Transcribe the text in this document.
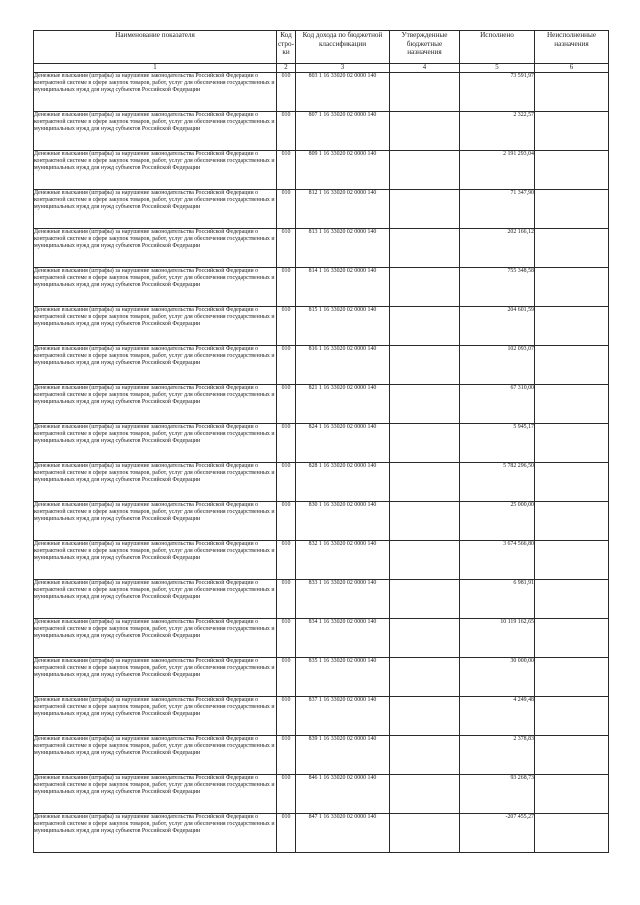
Наименование показателя	Код стро- ки	Код дохода по бюджетной классификации	Утвержденные бюджетные назначения	Исполнено	Неисполненные назначения
1	2	3	4	5	6
Денежные взыскания (штрафы) за нарушение законодательства Российской Федерации о контрактной системе в сфере закупок товаров, работ, услуг для обеспечения государственных и муниципальных нужд для нужд субъектов Российской Федерации	010	803 1 16 33020 02 0000 140		73 591,97	
Денежные взыскания (штрафы) за нарушение законодательства Российской Федерации о контрактной системе в сфере закупок товаров, работ, услуг для обеспечения государственных и муниципальных нужд для нужд субъектов Российской Федерации	010	807 1 16 33020 02 0000 140		2 322,57	
Денежные взыскания (штрафы) за нарушение законодательства Российской Федерации о контрактной системе в сфере закупок товаров, работ, услуг для обеспечения государственных и муниципальных нужд для нужд субъектов Российской Федерации	010	809 1 16 33020 02 0000 140		2 191 293,04	
Денежные взыскания (штрафы) за нарушение законодательства Российской Федерации о контрактной системе в сфере закупок товаров, работ, услуг для обеспечения государственных и муниципальных нужд для нужд субъектов Российской Федерации	010	812 1 16 33020 02 0000 140		71 347,90	
Денежные взыскания (штрафы) за нарушение законодательства Российской Федерации о контрактной системе в сфере закупок товаров, работ, услуг для обеспечения государственных и муниципальных нужд для нужд субъектов Российской Федерации	010	813 1 16 33020 02 0000 140		202 166,12	
Денежные взыскания (штрафы) за нарушение законодательства Российской Федерации о контрактной системе в сфере закупок товаров, работ, услуг для обеспечения государственных и муниципальных нужд для нужд субъектов Российской Федерации	010	814 1 16 33020 02 0000 140		755 348,58	
Денежные взыскания (штрафы) за нарушение законодательства Российской Федерации о контрактной системе в сфере закупок товаров, работ, услуг для обеспечения государственных и муниципальных нужд для нужд субъектов Российской Федерации	010	815 1 16 33020 02 0000 140		204 601,59	
Денежные взыскания (штрафы) за нарушение законодательства Российской Федерации о контрактной системе в сфере закупок товаров, работ, услуг для обеспечения государственных и муниципальных нужд для нужд субъектов Российской Федерации	010	816 1 16 33020 02 0000 140		102 093,07	
Денежные взыскания (штрафы) за нарушение законодательства Российской Федерации о контрактной системе в сфере закупок товаров, работ, услуг для обеспечения государственных и муниципальных нужд для нужд субъектов Российской Федерации	010	821 1 16 33020 02 0000 140		67 310,00	
Денежные взыскания (штрафы) за нарушение законодательства Российской Федерации о контрактной системе в сфере закупок товаров, работ, услуг для обеспечения государственных и муниципальных нужд для нужд субъектов Российской Федерации	010	824 1 16 33020 02 0000 140		5 945,17	
Денежные взыскания (штрафы) за нарушение законодательства Российской Федерации о контрактной системе в сфере закупок товаров, работ, услуг для обеспечения государственных и муниципальных нужд для нужд субъектов Российской Федерации	010	828 1 16 33020 02 0000 140		5 782 296,50	
Денежные взыскания (штрафы) за нарушение законодательства Российской Федерации о контрактной системе в сфере закупок товаров, работ, услуг для обеспечения государственных и муниципальных нужд для нужд субъектов Российской Федерации	010	830 1 16 33020 02 0000 140		25 000,00	
Денежные взыскания (штрафы) за нарушение законодательства Российской Федерации о контрактной системе в сфере закупок товаров, работ, услуг для обеспечения государственных и муниципальных нужд для нужд субъектов Российской Федерации	010	832 1 16 33020 02 0000 140		3 674 566,80	
Денежные взыскания (штрафы) за нарушение законодательства Российской Федерации о контрактной системе в сфере закупок товаров, работ, услуг для обеспечения государственных и муниципальных нужд для нужд субъектов Российской Федерации	010	833 1 16 33020 02 0000 140		6 981,91	
Денежные взыскания (штрафы) за нарушение законодательства Российской Федерации о контрактной системе в сфере закупок товаров, работ, услуг для обеспечения государственных и муниципальных нужд для нужд субъектов Российской Федерации	010	834 1 16 33020 02 0000 140		10 119 162,65	
Денежные взыскания (штрафы) за нарушение законодательства Российской Федерации о контрактной системе в сфере закупок товаров, работ, услуг для обеспечения государственных и муниципальных нужд для нужд субъектов Российской Федерации	010	835 1 16 33020 02 0000 140		30 000,00	
Денежные взыскания (штрафы) за нарушение законодательства Российской Федерации о контрактной системе в сфере закупок товаров, работ, услуг для обеспечения государственных и муниципальных нужд для нужд субъектов Российской Федерации	010	837 1 16 33020 02 0000 140		4 249,48	
Денежные взыскания (штрафы) за нарушение законодательства Российской Федерации о контрактной системе в сфере закупок товаров, работ, услуг для обеспечения государственных и муниципальных нужд для нужд субъектов Российской Федерации	010	839 1 16 33020 02 0000 140		2 378,83	
Денежные взыскания (штрафы) за нарушение законодательства Российской Федерации о контрактной системе в сфере закупок товаров, работ, услуг для обеспечения государственных и муниципальных нужд для нужд субъектов Российской Федерации	010	846 1 16 33020 02 0000 140		93 268,73	
Денежные взыскания (штрафы) за нарушение законодательства Российской Федерации о контрактной системе в сфере закупок товаров, работ, услуг для обеспечения государственных и муниципальных нужд для нужд субъектов Российской Федерации	010	847 1 16 33020 02 0000 140		-207 455,27	
